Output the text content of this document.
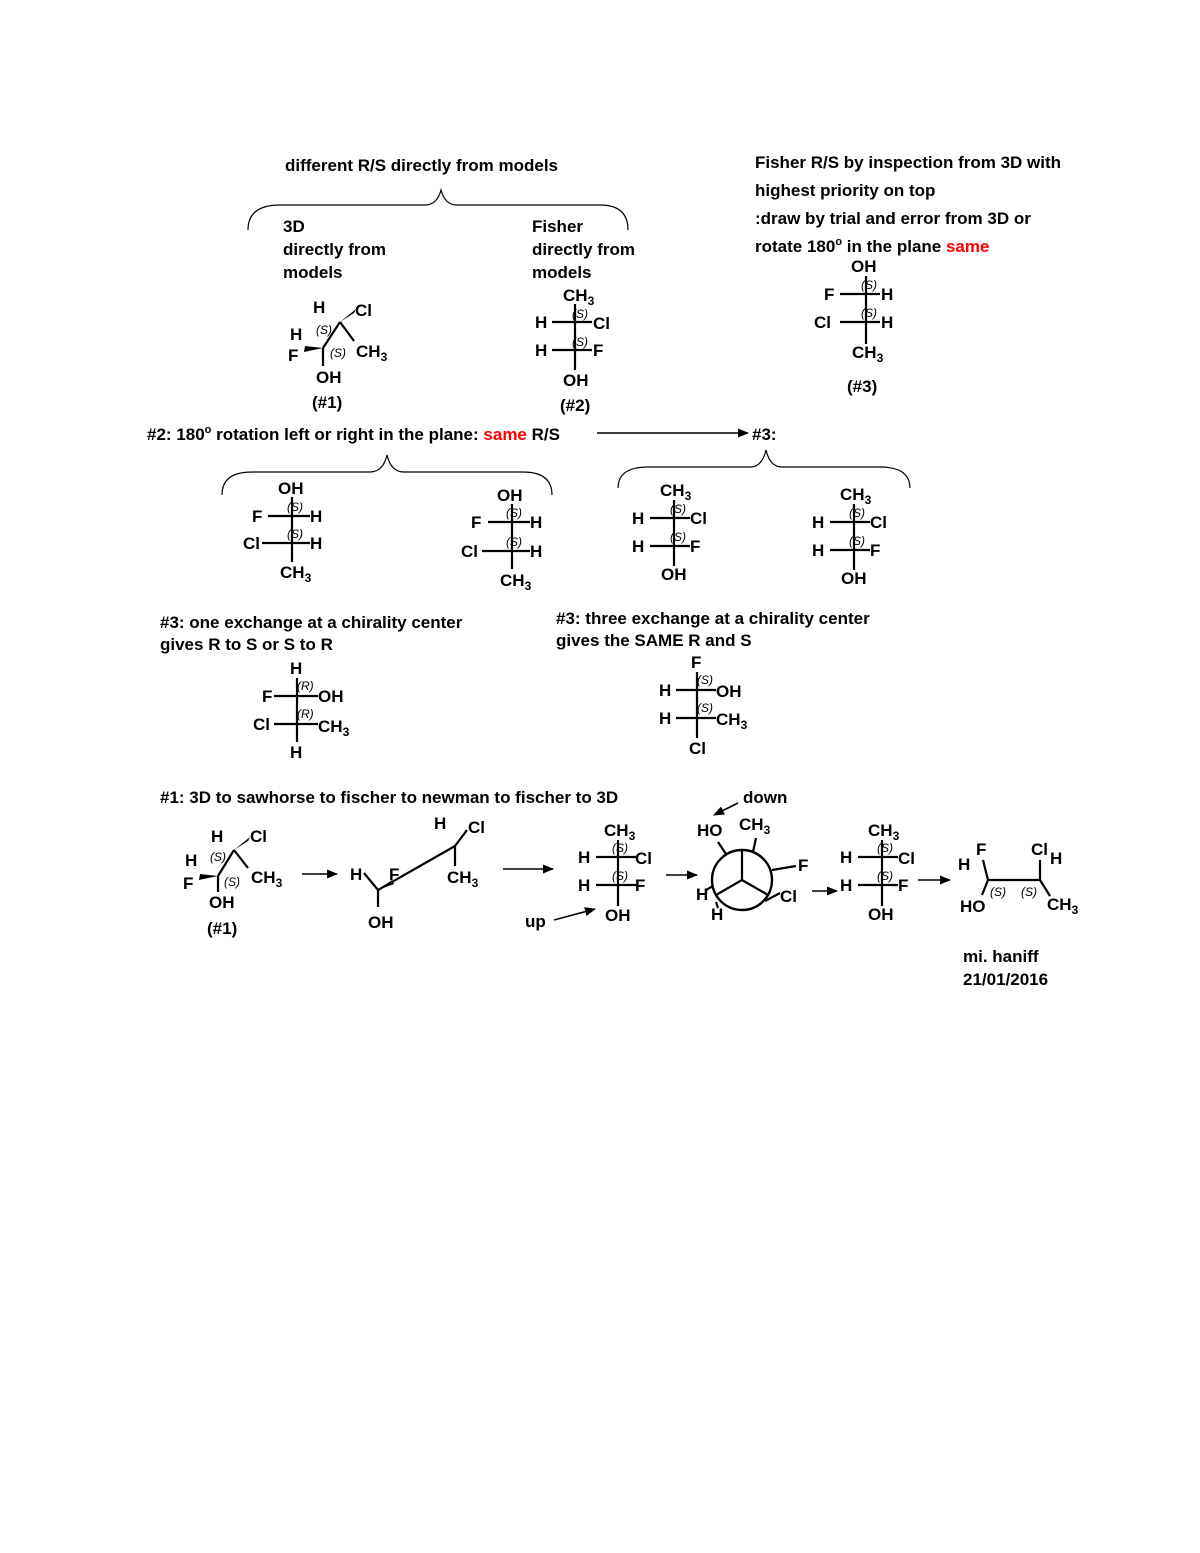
different R/S directly from models
3D
directly from
models
Fisher
directly from
models
Fisher R/S by inspection from 3D with
highest priority on top
:draw by trial and error from 3D or
rotate 180$^o$ in the plane same
H Cl
H (S)
F	(S) $CH_3$
OH
(#1)
$CH_3$
H	Cl
H	F
(S)
(S)
OH
(#2)
OH
F	H
Cl	H
(S)
(S)
$CH_3$
(#3)
#2: 180$^o$ rotation left or right in the plane: same R/S	#3:
OH
F	H
Cl	H
(S)
(S)
$CH_3$
OH
F	H
Cl	H
(S)
(S)
$CH_3$
$CH_3$
H	Cl
H	F
(S)
(S)
OH
$CH_3$
H	Cl
H	F
(S)
(S)
OH
#3: one exchange at a chirality center
gives R to S or S to R
#3: three exchange at a chirality center
gives the SAME R and S
H
F	OH
Cl	$CH_3$
(R)
(R)
H
F
H	OH
H	$CH_3$
(S)
(S)
Cl
#1: 3D to sawhorse to fischer to newman to fischer to 3D
H Cl
H (S)
F	(S) $CH_3$
OH
(#1)
H F
OH
H Cl
$CH_3$
$CH_3$
H	Cl
H	F
(S)
(S)
OH
up
HO $CH_3$
F
Cl
H
H
down
$CH_3$
H	Cl
H	F
(S)
(S)
OH
H
F	Cl H
HO
(S) (S)
$CH_3$
mi. haniff
21/01/2016
